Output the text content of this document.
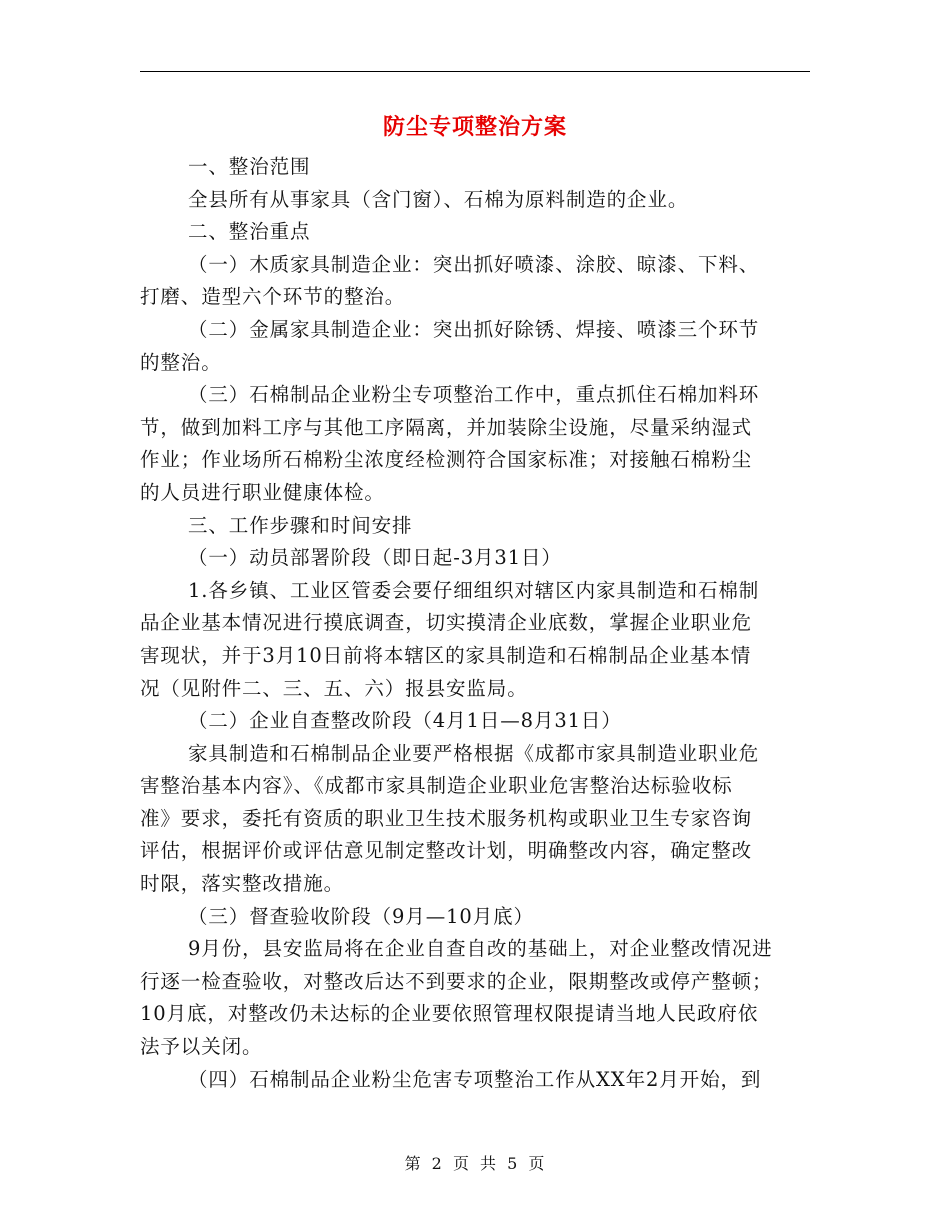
防尘专项整治方案

一、整治范围

全县所有从事家具（含门窗）、石棉为原料制造的企业。

二、整治重点

（一）木质家具制造企业：突出抓好喷漆、涂胶、晾漆、下料、

打磨、造型六个环节的整治。

（二）金属家具制造企业：突出抓好除锈、焊接、喷漆三个环节

的整治。

（三）石棉制品企业粉尘专项整治工作中，重点抓住石棉加料环

节，做到加料工序与其他工序隔离，并加装除尘设施，尽量采纳湿式

作业；作业场所石棉粉尘浓度经检测符合国家标准；对接触石棉粉尘

的人员进行职业健康体检。

三、工作步骤和时间安排

（一）动员部署阶段（即日起-3月31日）

1.各乡镇、工业区管委会要仔细组织对辖区内家具制造和石棉制

品企业基本情况进行摸底调查，切实摸清企业底数，掌握企业职业危

害现状，并于3月10日前将本辖区的家具制造和石棉制品企业基本情

况（见附件二、三、五、六）报县安监局。

（二）企业自查整改阶段（4月1日—8月31日）

家具制造和石棉制品企业要严格根据《成都市家具制造业职业危

害整治基本内容》、《成都市家具制造企业职业危害整治达标验收标

准》要求，委托有资质的职业卫生技术服务机构或职业卫生专家咨询

评估，根据评价或评估意见制定整改计划，明确整改内容，确定整改

时限，落实整改措施。

（三）督查验收阶段（9月—10月底）

9月份，县安监局将在企业自查自改的基础上，对企业整改情况进

行逐一检查验收，对整改后达不到要求的企业，限期整改或停产整顿；

10月底，对整改仍未达标的企业要依照管理权限提请当地人民政府依

法予以关闭。

（四）石棉制品企业粉尘危害专项整治工作从XX年2月开始，到

第 2 页 共 5 页
